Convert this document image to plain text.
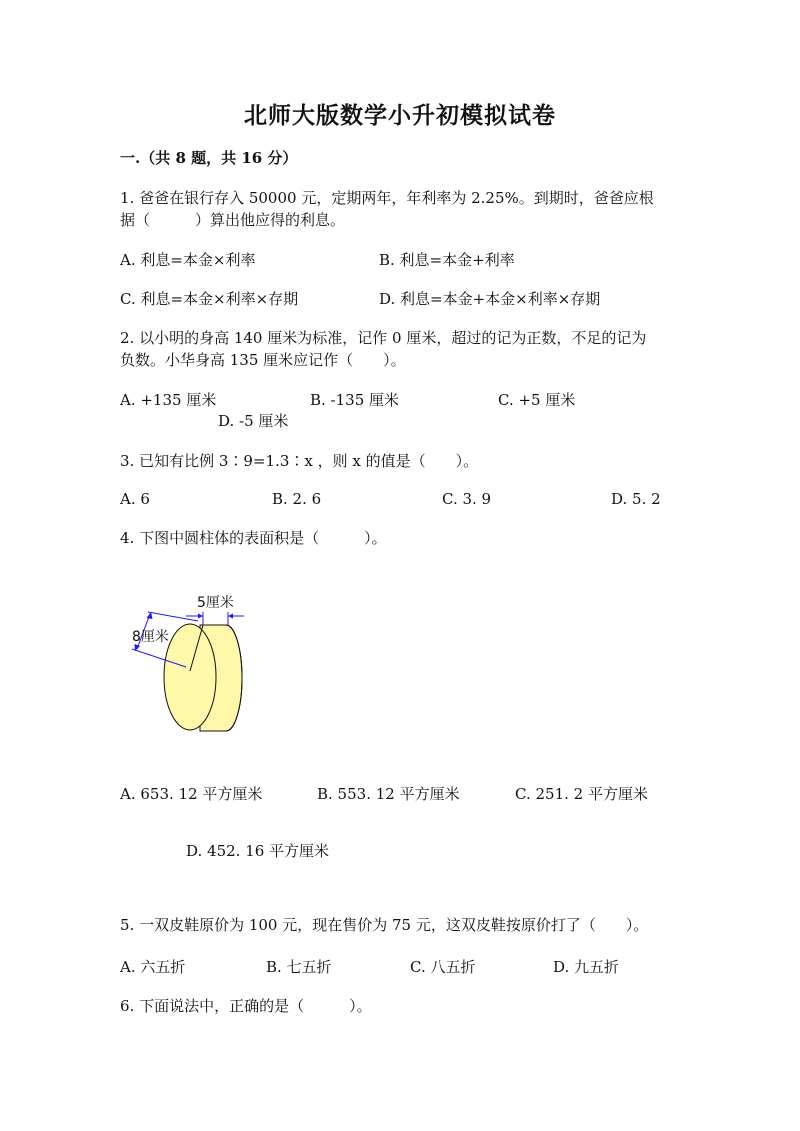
北师大版数学小升初模拟试卷
一.（共 8 题，共 16 分）
1. 爸爸在银行存入 50000 元，定期两年，年利率为 2.25%。到期时，爸爸应根
据（　　　）算出他应得的利息。
A. 利息=本金×利率	B. 利息=本金+利率
C. 利息=本金×利率×存期	D. 利息=本金+本金×利率×存期
2. 以小明的身高 140 厘米为标准，记作 0 厘米，超过的记为正数，不足的记为
负数。小华身高 135 厘米应记作（　　）。
A. +135 厘米	B. -135 厘米	C. +5 厘米
D. -5 厘米
3. 已知有比例 3∶9=1.3∶x ，则 x 的值是（　　）。
A. 6	B. 2. 6	C. 3. 9	D. 5. 2
4. 下图中圆柱体的表面积是（　　　）。
5厘米
8厘米
A. 653. 12 平方厘米	B. 553. 12 平方厘米	C. 251. 2 平方厘米
D. 452. 16 平方厘米
5. 一双皮鞋原价为 100 元，现在售价为 75 元，这双皮鞋按原价打了（　　）。
A. 六五折	B. 七五折	C. 八五折	D. 九五折
6. 下面说法中，正确的是（　　　）。
